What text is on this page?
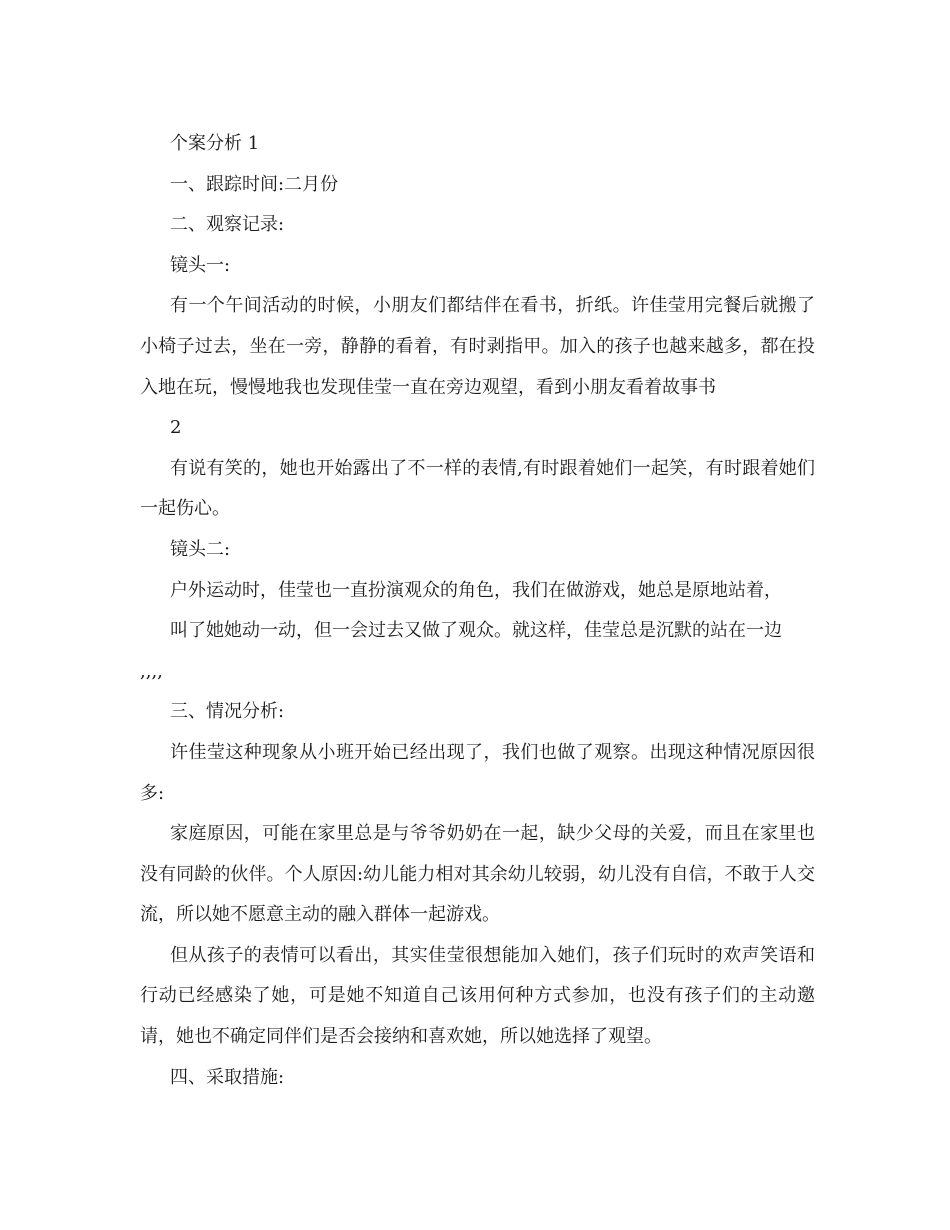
个案分析 1

一、跟踪时间:二月份

二、观察记录:

镜头一:

有一个午间活动的时候，小朋友们都结伴在看书，折纸。许佳莹用完餐后就搬了小椅子过去，坐在一旁，静静的看着，有时剥指甲。加入的孩子也越来越多，都在投入地在玩，慢慢地我也发现佳莹一直在旁边观望，看到小朋友看着故事书

2

有说有笑的，她也开始露出了不一样的表情,有时跟着她们一起笑，有时跟着她们一起伤心。

镜头二:

户外运动时，佳莹也一直扮演观众的角色，我们在做游戏，她总是原地站着，

叫了她她动一动，但一会过去又做了观众。就这样，佳莹总是沉默的站在一边

,,,,

三、情况分析:

许佳莹这种现象从小班开始已经出现了，我们也做了观察。出现这种情况原因很多:

家庭原因，可能在家里总是与爷爷奶奶在一起，缺少父母的关爱，而且在家里也没有同龄的伙伴。个人原因:幼儿能力相对其余幼儿较弱，幼儿没有自信，不敢于人交流，所以她不愿意主动的融入群体一起游戏。

但从孩子的表情可以看出，其实佳莹很想能加入她们，孩子们玩时的欢声笑语和行动已经感染了她，可是她不知道自己该用何种方式参加，也没有孩子们的主动邀请，她也不确定同伴们是否会接纳和喜欢她，所以她选择了观望。

四、采取措施:
